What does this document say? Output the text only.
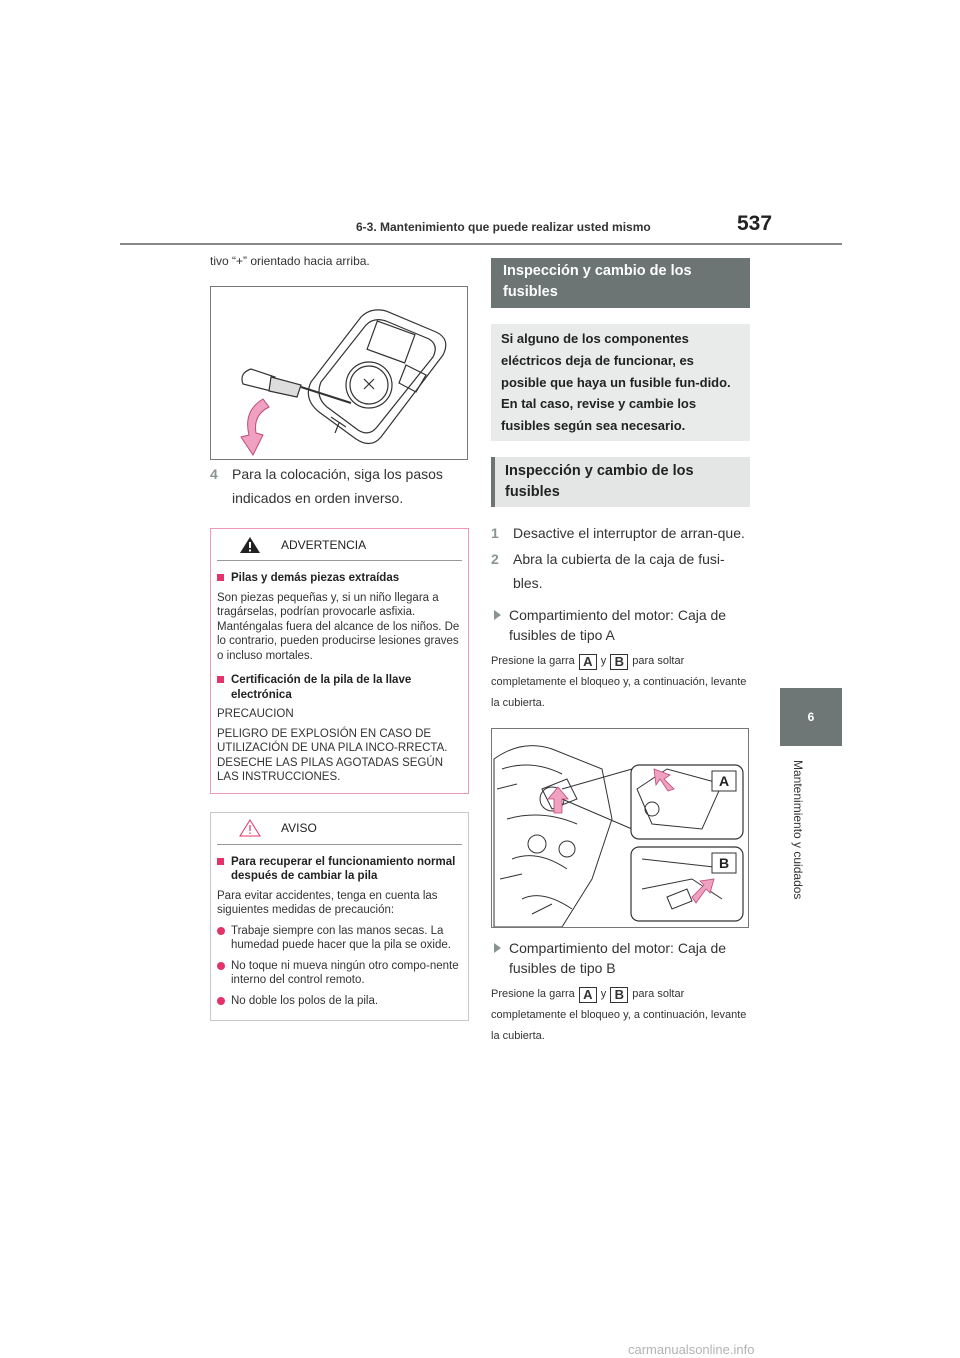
6-3. Mantenimiento que puede realizar usted mismo	537
6
Mantenimiento y cuidados
tivo “+” orientado hacia arriba.
4	Para la colocación, siga los pasos indicados en orden inverso.
ADVERTENCIA
Pilas y demás piezas extraídas
Son piezas pequeñas y, si un niño llegara a tragárselas, podrían provocarle asfixia. Manténgalas fuera del alcance de los niños. De lo contrario, pueden producirse lesiones graves o incluso mortales.
Certificación de la pila de la llave electrónica
PRECAUCION
PELIGRO DE EXPLOSIÓN EN CASO DE UTILIZACIÓN DE UNA PILA INCO-RRECTA.
DESECHE LAS PILAS AGOTADAS SEGÚN LAS INSTRUCCIONES.
AVISO
Para recuperar el funcionamiento normal después de cambiar la pila
Para evitar accidentes, tenga en cuenta las siguientes medidas de precaución:
Trabaje siempre con las manos secas. La humedad puede hacer que la pila se oxide.
No toque ni mueva ningún otro compo-nente interno del control remoto.
No doble los polos de la pila.
Inspección y cambio de los fusibles
Si alguno de los componentes eléctricos deja de funcionar, es posible que haya un fusible fun-dido. En tal caso, revise y cambie los fusibles según sea necesario.
Inspección y cambio de los fusibles
1	Desactive el interruptor de arran-que.
2	Abra la cubierta de la caja de fusi-bles.
Compartimiento del motor: Caja de fusibles de tipo A
Presione la garra A y B para soltar completamente el bloqueo y, a continuación, levante la cubierta.
A
B
Compartimiento del motor: Caja de fusibles de tipo B
Presione la garra A y B para soltar completamente el bloqueo y, a continuación, levante la cubierta.
carmanualsonline.info
